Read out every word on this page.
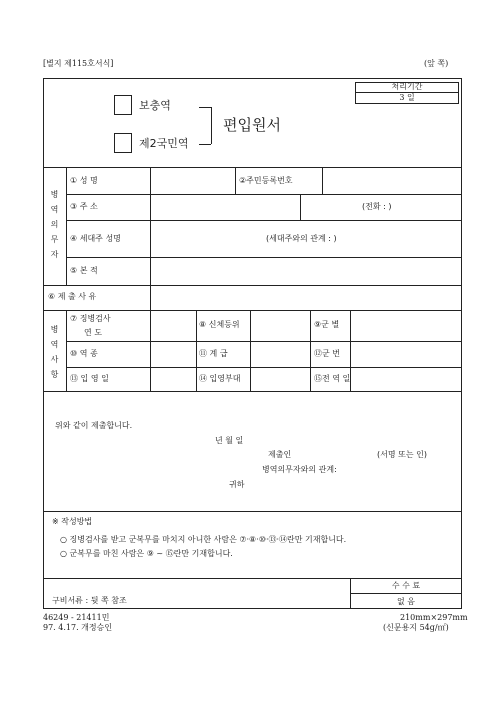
[별지 제115호서식]	(앞 쪽)
처리기간
3 일
보충역
제2국민역
편입원서
병
역
의
무
자
① 성 명	②주민등록번호
③ 주 소	(전화 : )
④ 세대주 성명	(세대주와의 관계 : )
⑤ 본 적
⑥ 제 출 사 유
병
역
사
항
⑦ 징병검사
연 도
⑧ 신체등위	⑨군 별
⑩ 역 종	⑪ 계 급	⑫군 번
⑬ 입 영 일	⑭ 입영부대	⑮전 역 일
위와 같이 제출합니다.
년 월 일
제출인	(서명 또는 인)
병역의무자와의 관계:
귀하
※ 작성방법
○ 징병검사를 받고 군복무를 마치지 아니한 사람은 ⑦·⑧·⑩·⑬·⑭란만 기재합니다.
○ 군복무를 마친 사람은 ⑨ ~ ⑮란만 기재합니다.
구비서류 : 뒷 쪽 참조
수 수 료
없 음
46249 - 21411민
97. 4.17. 개정승인
210mm×297mm
(신문용지 54g/㎡)
